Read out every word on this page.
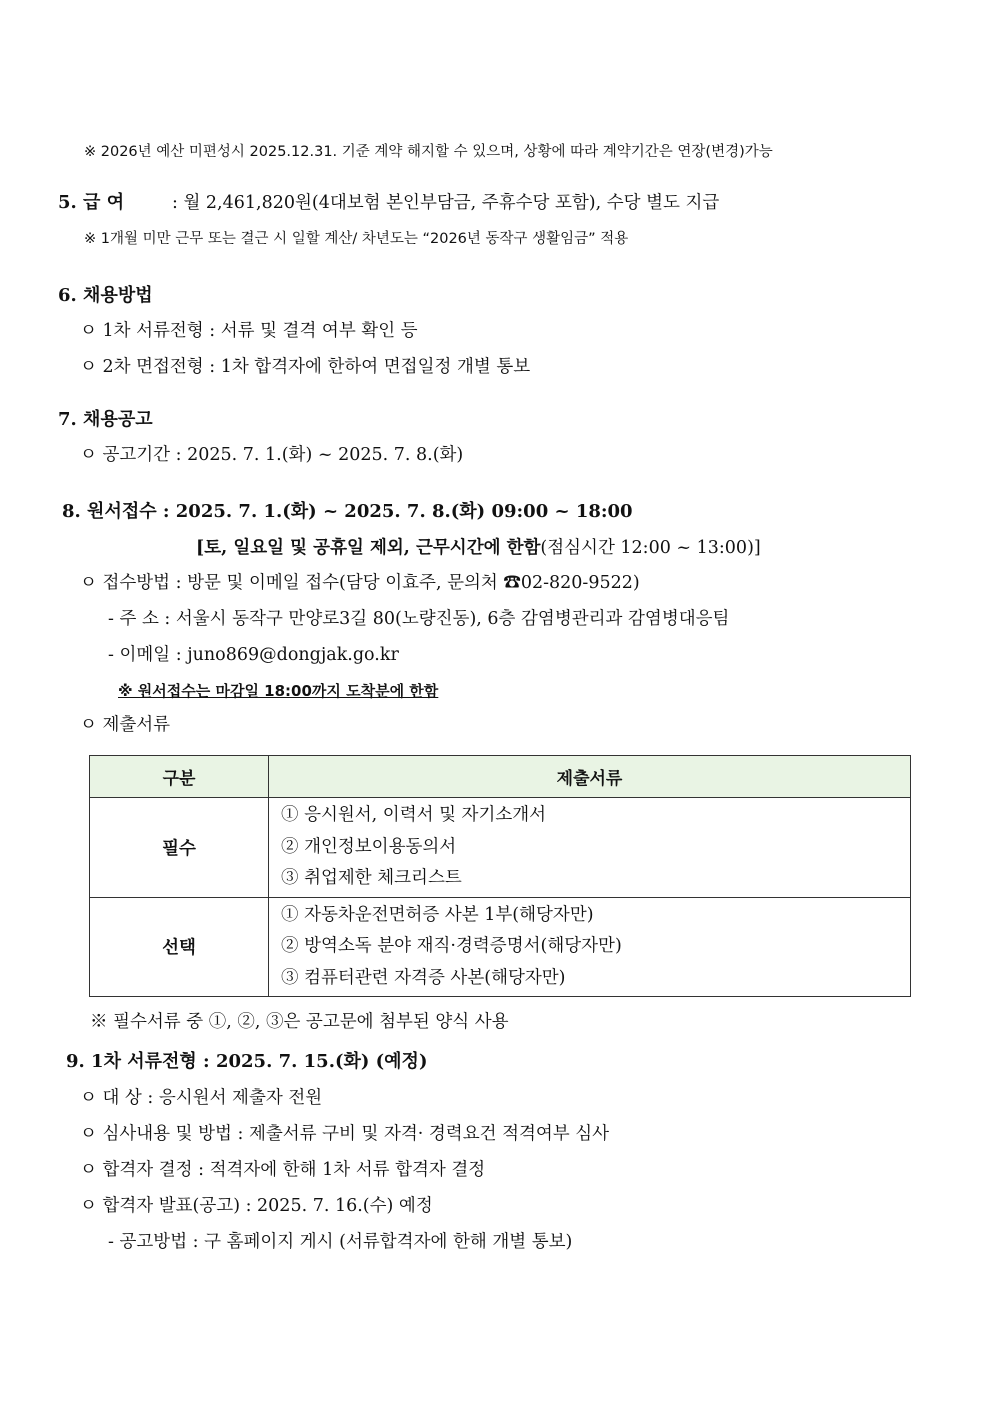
※ 2026년 예산 미편성시 2025.12.31. 기준 계약 해지할 수 있으며, 상황에 따라 계약기간은 연장(변경)가능
5. 급 여	: 월 2,461,820원(4대보험 본인부담금, 주휴수당 포함), 수당 별도 지급
※ 1개월 미만 근무 또는 결근 시 일할 계산/ 차년도는 “2026년 동작구 생활임금” 적용
6. 채용방법
ㅇ 1차 서류전형 : 서류 및 결격 여부 확인 등
ㅇ 2차 면접전형 : 1차 합격자에 한하여 면접일정 개별 통보
7. 채용공고
ㅇ 공고기간 : 2025. 7. 1.(화) ~ 2025. 7. 8.(화)
8. 원서접수 : 2025. 7. 1.(화) ~ 2025. 7. 8.(화) 09:00 ~ 18:00
[토, 일요일 및 공휴일 제외, 근무시간에 한함(점심시간 12:00 ~ 13:00)]
ㅇ 접수방법 : 방문 및 이메일 접수(담당 이효주, 문의처 ☎02-820-9522)
- 주 소 : 서울시 동작구 만양로3길 80(노량진동), 6층 감염병관리과 감염병대응팀
- 이메일 : juno869@dongjak.go.kr
※ 원서접수는 마감일 18:00까지 도착분에 한함
ㅇ 제출서류
구분	제출서류
필수	① 응시원서, 이력서 및 자기소개서
② 개인정보이용동의서
③ 취업제한 체크리스트

선택	① 자동차운전면허증 사본 1부(해당자만)
② 방역소독 분야 재직·경력증명서(해당자만)
③ 컴퓨터관련 자격증 사본(해당자만)
※ 필수서류 중 ①, ②, ③은 공고문에 첨부된 양식 사용
9. 1차 서류전형 : 2025. 7. 15.(화) (예정)
ㅇ 대 상 : 응시원서 제출자 전원
ㅇ 심사내용 및 방법 : 제출서류 구비 및 자격· 경력요건 적격여부 심사
ㅇ 합격자 결정 : 적격자에 한해 1차 서류 합격자 결정
ㅇ 합격자 발표(공고) : 2025. 7. 16.(수) 예정
- 공고방법 : 구 홈페이지 게시 (서류합격자에 한해 개별 통보)
